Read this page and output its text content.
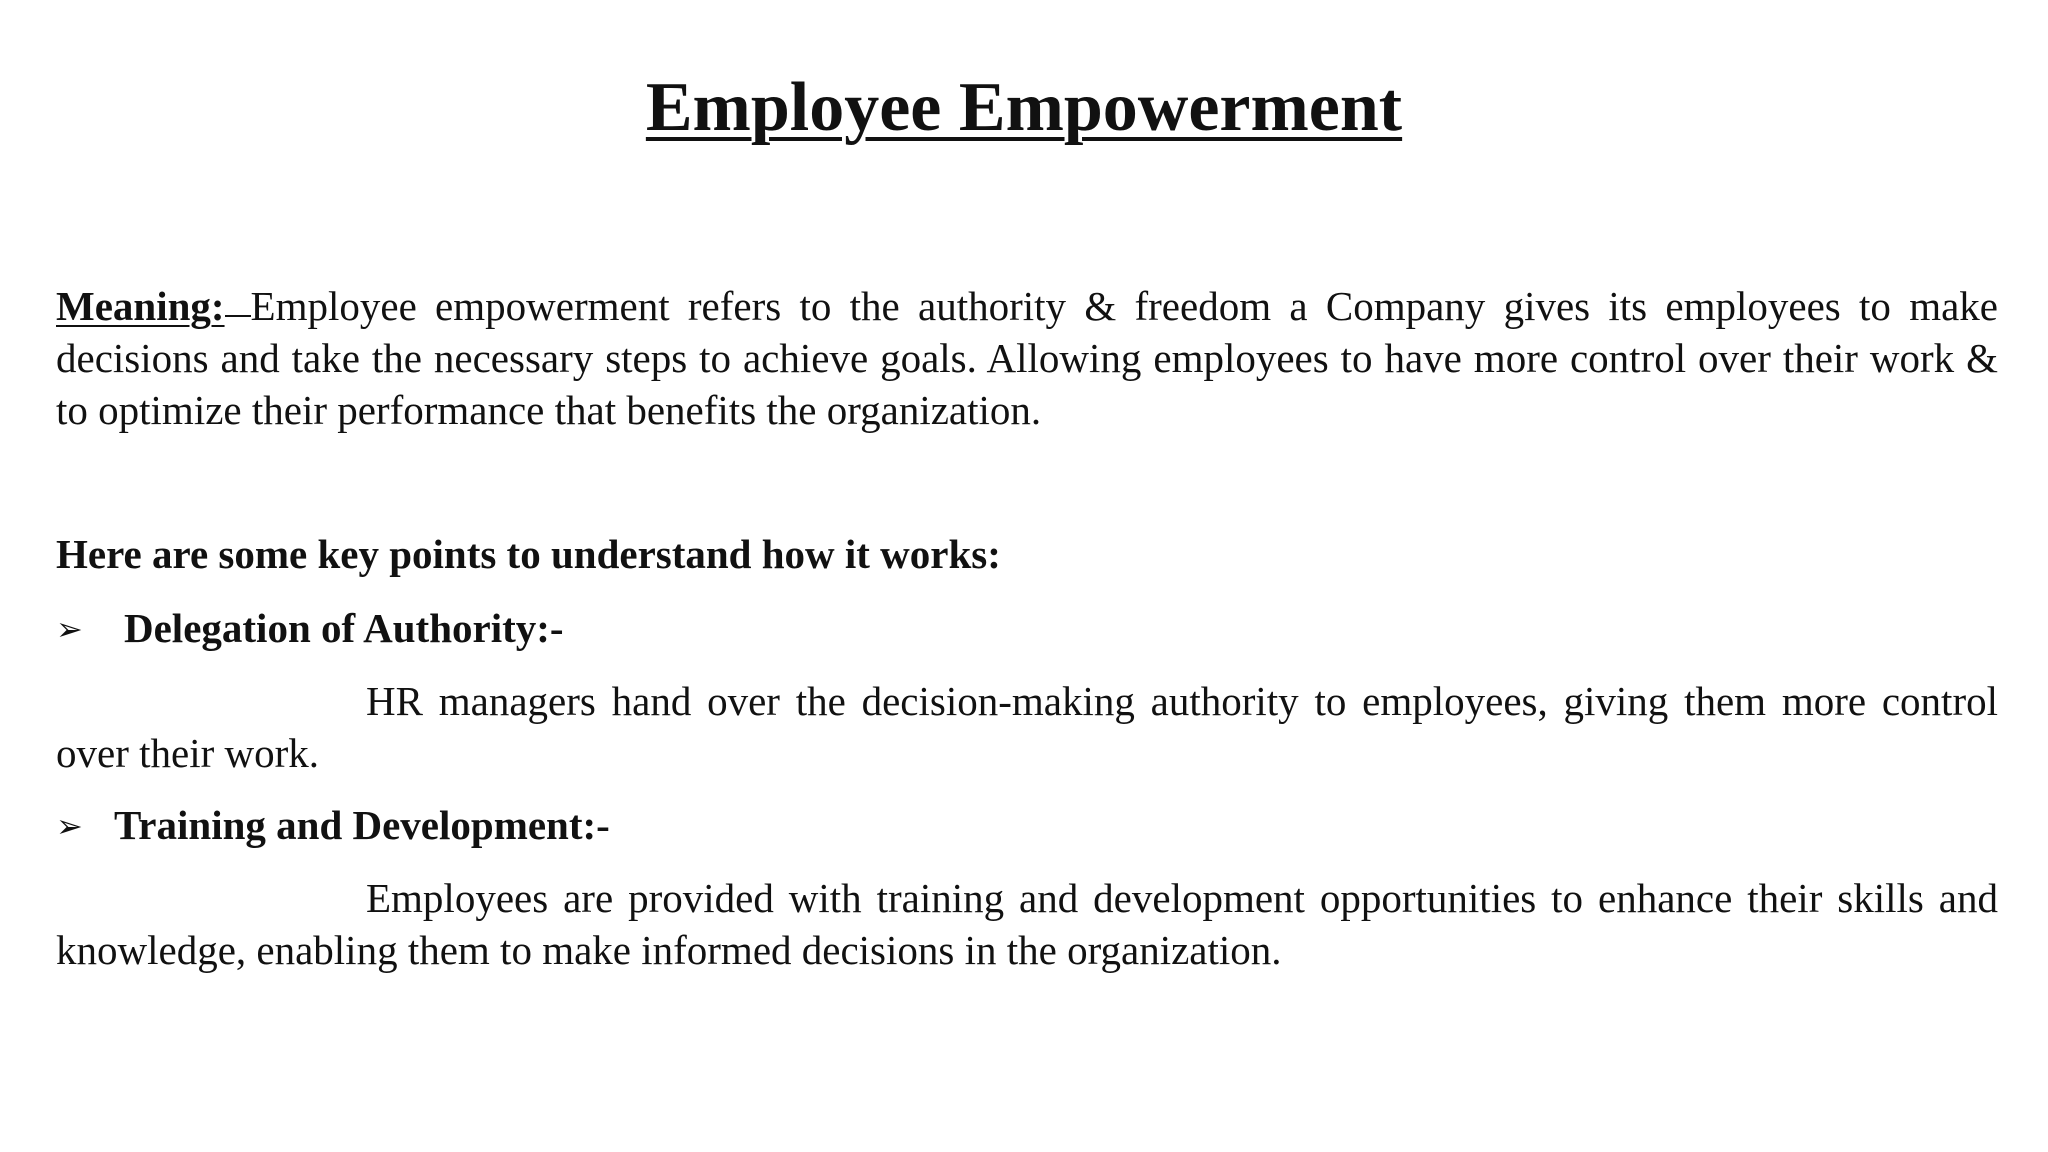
Employee Empowerment

Meaning: Employee empowerment refers to the authority & freedom a Company gives its employees to make decisions and take the necessary steps to achieve goals. Allowing employees to have more control over their work & to optimize their performance that benefits the organization.

Here are some key points to understand how it works:

➢ Delegation of Authority:-

HR managers hand over the decision-making authority to employees, giving them more control over their work.

➢ Training and Development:-

Employees are provided with training and development opportunities to enhance their skills and knowledge, enabling them to make informed decisions in the organization.
